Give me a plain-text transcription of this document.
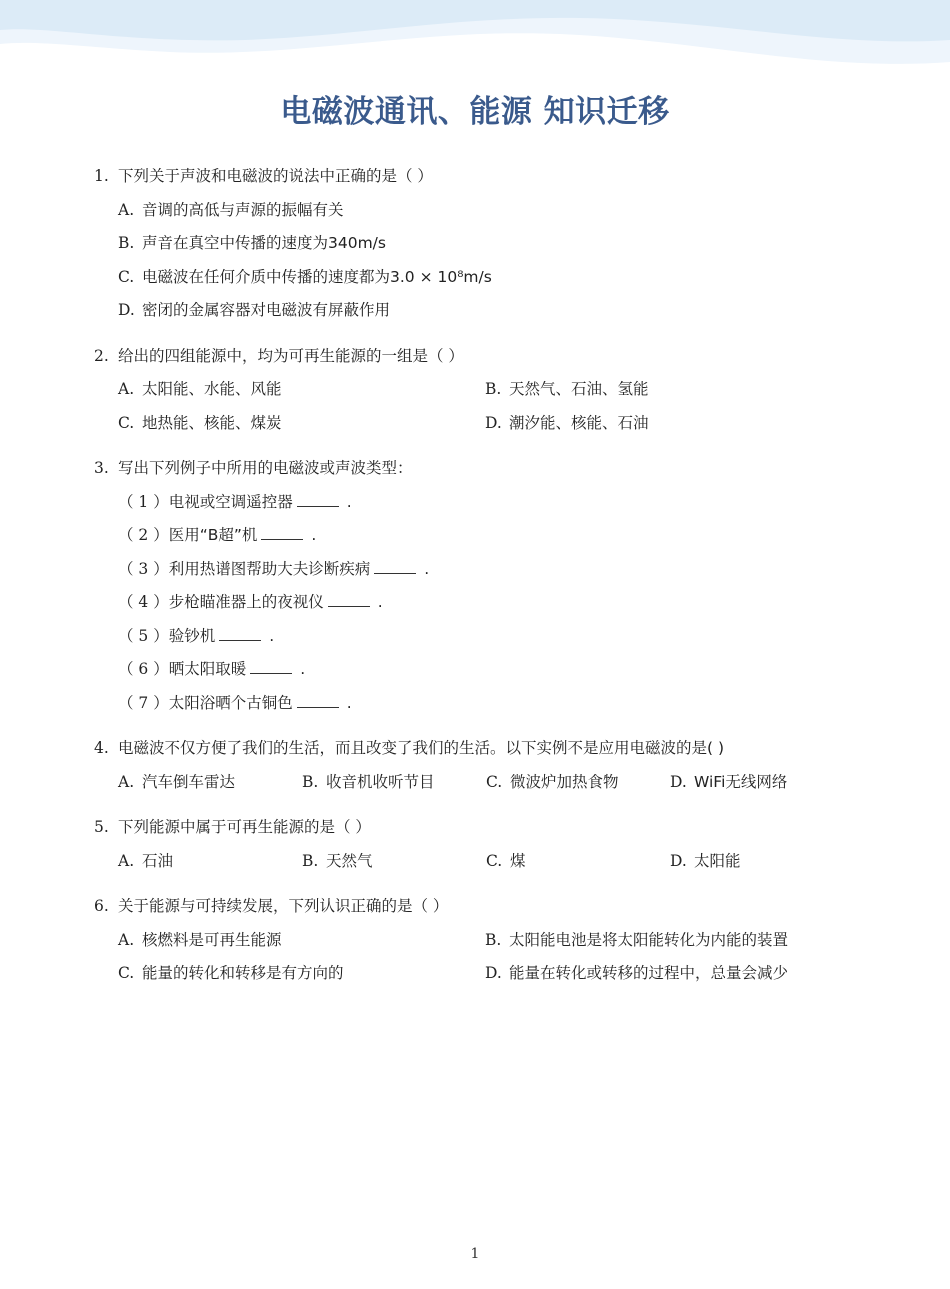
电磁波通讯、能源 知识迁移
1. 下列关于声波和电磁波的说法中正确的是（ ）
A. 音调的高低与声源的振幅有关
B. 声音在真空中传播的速度为340m/s
C. 电磁波在任何介质中传播的速度都为3.0 × 10⁸m/s
D. 密闭的金属容器对电磁波有屏蔽作用
2. 给出的四组能源中，均为可再生能源的一组是（ ）
A. 太阳能、水能、风能	B. 天然气、石油、氢能
C. 地热能、核能、煤炭	D. 潮汐能、核能、石油
3. 写出下列例子中所用的电磁波或声波类型：
（ 1 ）电视或空调遥控器	.
（ 2 ）医用“B超”机	.
（ 3 ）利用热谱图帮助大夫诊断疾病	.
（ 4 ）步枪瞄准器上的夜视仪	.
（ 5 ）验钞机	.
（ 6 ）晒太阳取暖	.
（ 7 ）太阳浴晒个古铜色	.
4. 电磁波不仅方便了我们的生活，而且改变了我们的生活。以下实例不是应用电磁波的是( )
A. 汽车倒车雷达	B. 收音机收听节目	C. 微波炉加热食物	D. WiFi无线网络
5. 下列能源中属于可再生能源的是（ ）
A. 石油	B. 天然气	C. 煤	D. 太阳能
6. 关于能源与可持续发展，下列认识正确的是（ ）
A. 核燃料是可再生能源	B. 太阳能电池是将太阳能转化为内能的装置
C. 能量的转化和转移是有方向的	D. 能量在转化或转移的过程中，总量会减少
1
